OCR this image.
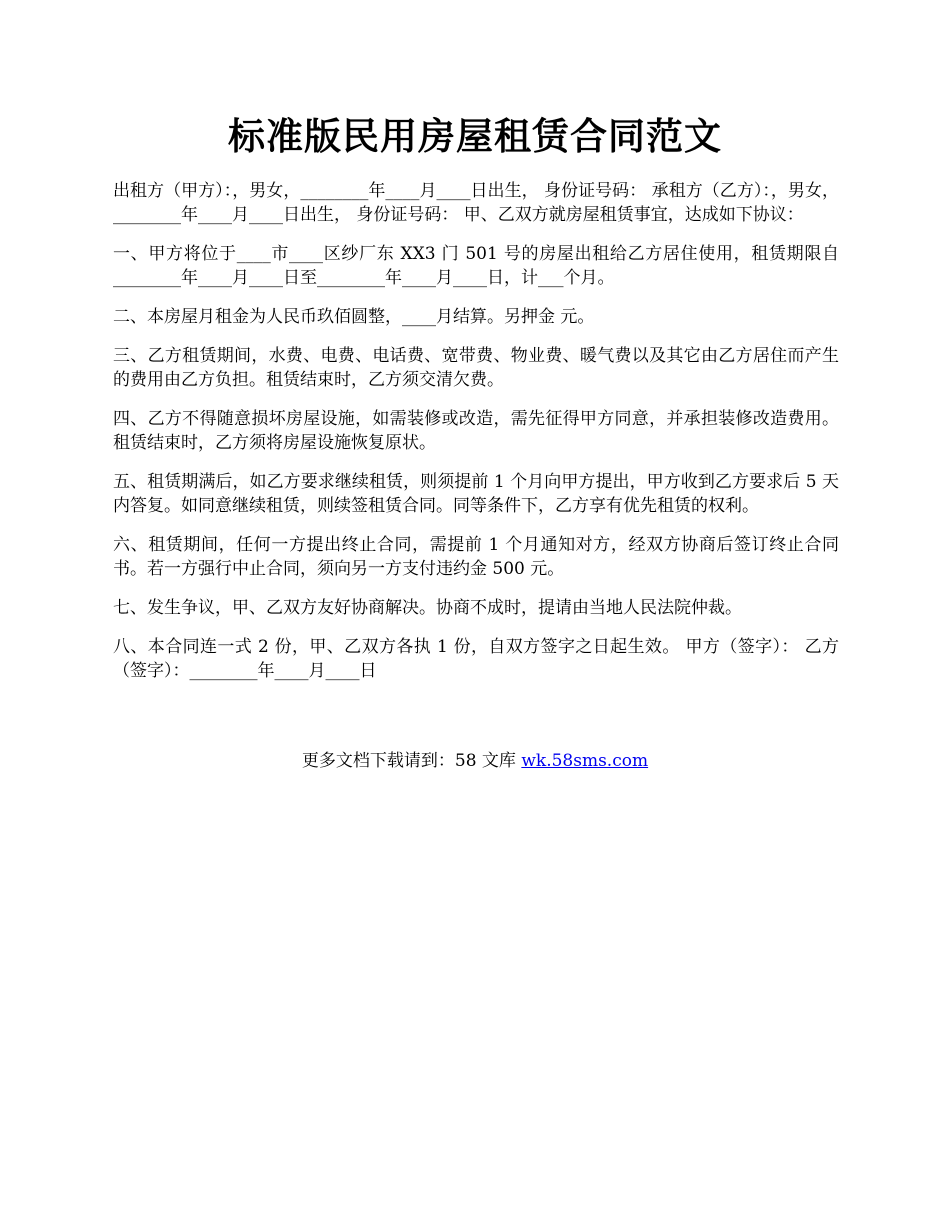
标准版民用房屋租赁合同范文

出租方（甲方）：，男女，________年____月____日出生， 身份证号码： 承租方（乙方）：，男女，________年____月____日出生， 身份证号码： 甲、乙双方就房屋租赁事宜，达成如下协议：

一、甲方将位于____市____区纱厂东 XX3 门 501 号的房屋出租给乙方居住使用，租赁期限自________年____月____日至________年____月____日，计___个月。

二、本房屋月租金为人民币玖佰圆整，____月结算。另押金 元。

三、乙方租赁期间，水费、电费、电话费、宽带费、物业费、暖气费以及其它由乙方居住而产生的费用由乙方负担。租赁结束时，乙方须交清欠费。

四、乙方不得随意损坏房屋设施，如需装修或改造，需先征得甲方同意，并承担装修改造费用。租赁结束时，乙方须将房屋设施恢复原状。

五、租赁期满后，如乙方要求继续租赁，则须提前 1 个月向甲方提出，甲方收到乙方要求后 5 天内答复。如同意继续租赁，则续签租赁合同。同等条件下，乙方享有优先租赁的权利。

六、租赁期间，任何一方提出终止合同，需提前 1 个月通知对方，经双方协商后签订终止合同书。若一方强行中止合同，须向另一方支付违约金 500 元。

七、发生争议，甲、乙双方友好协商解决。协商不成时，提请由当地人民法院仲裁。

八、本合同连一式 2 份，甲、乙双方各执 1 份，自双方签字之日起生效。 甲方（签字）： 乙方（签字）：________年____月____日

更多文档下载请到：58 文库 wk.58sms.com
